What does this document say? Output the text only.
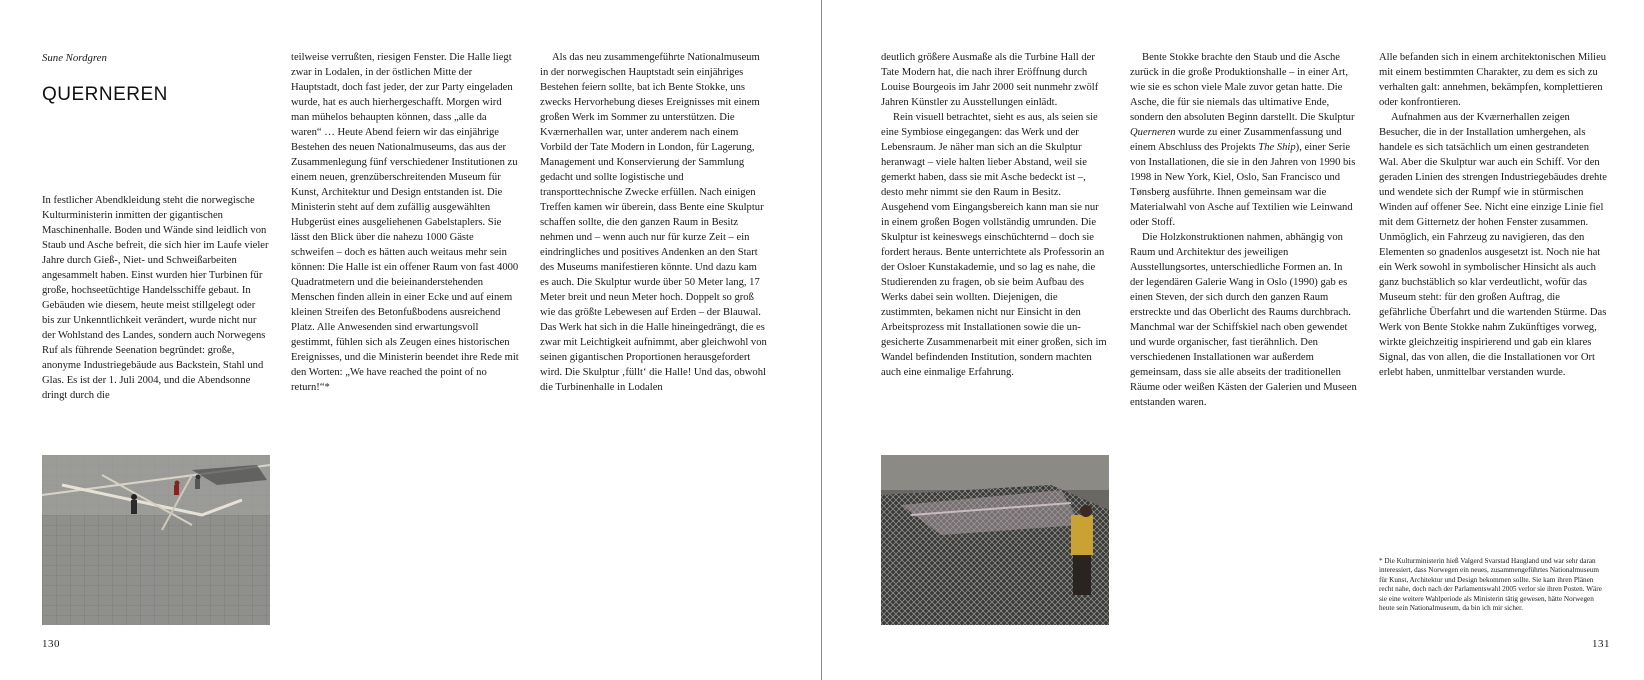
Sune Nordgren
QUERNEREN

In festlicher Abendkleidung steht die norwegische Kulturministerin inmitten der gigantischen Maschinenhalle. Boden und Wände sind leidlich von Staub und Asche befreit, die sich hier im Laufe vieler Jahre durch Gieß-, Niet- und Schweißarbeiten angesammelt haben. Einst wurden hier Turbinen für große, hochseetüchtige Handelsschiffe gebaut. In Gebäuden wie diesem, heute meist stillgelegt oder bis zur Unkenntlichkeit verändert, wurde nicht nur der Wohlstand des Landes, sondern auch Norwegens Ruf als führende Seenation begründet: große, anonyme Industriegebäude aus Backstein, Stahl und Glas. Es ist der 1. Juli 2004, und die Abendsonne dringt durch die

teilweise verrußten, riesigen Fenster. Die Halle liegt zwar in Lodalen, in der östlichen Mitte der Hauptstadt, doch fast jeder, der zur Party eingeladen wurde, hat es auch hierhergeschafft. Morgen wird man mühelos behaupten können, dass „alle da waren“ … Heute Abend feiern wir das einjährige Bestehen des neuen Nationalmuseums, das aus der Zusammenlegung fünf verschiedener Institutionen zu einem neuen, grenzüberschreitenden Museum für Kunst, Architektur und Design entstanden ist. Die Ministerin steht auf dem zufällig ausgewählten Hubgerüst eines ausgeliehenen Gabelstaplers. Sie lässt den Blick über die nahezu 1000 Gäste schweifen – doch es hätten auch weitaus mehr sein können: Die Halle ist ein offener Raum von fast 4000 Quadratmetern und die beieinanderstehenden Menschen finden allein in einer Ecke und auf einem kleinen Streifen des Betonfußbodens ausreichend Platz. Alle Anwesenden sind erwartungsvoll gestimmt, fühlen sich als Zeugen eines historischen Ereignisses, und die Ministerin beendet ihre Rede mit den Worten: „We have reached the point of no return!“*

Als das neu zusammengeführte Nationalmuseum in der norwegischen Hauptstadt sein einjähriges Bestehen feiern sollte, bat ich Bente Stokke, uns zwecks Hervorhebung dieses Ereignisses mit einem großen Werk im Sommer zu unterstützen. Die Kværnerhallen war, unter anderem nach einem Vorbild der Tate Modern in London, für Lagerung, Management und Konservierung der Sammlung gedacht und sollte logistische und transporttechnische Zwecke erfüllen. Nach einigen Treffen kamen wir überein, dass Bente eine Skulptur schaffen sollte, die den ganzen Raum in Besitz nehmen und – wenn auch nur für kurze Zeit – ein eindringliches und positives Andenken an den Start des Museums manifestieren könnte. Und dazu kam es auch. Die Skulptur wurde über 50 Meter lang, 17 Meter breit und neun Meter hoch. Doppelt so groß wie das größte Lebewesen auf Erden – der Blauwal. Das Werk hat sich in die Halle hineingedrängt, die es zwar mit Leichtigkeit aufnimmt, aber gleichwohl von seinen gigantischen Proportionen herausgefordert wird. Die Skulptur ‚füllt‘ die Halle! Und das, obwohl die Turbinenhalle in Lodalen

130

deutlich größere Ausmaße als die Turbine Hall der Tate Modern hat, die nach ihrer Eröffnung durch Louise Bourgeois im Jahr 2000 seit nunmehr zwölf Jahren Künstler zu Ausstellungen einlädt.

Rein visuell betrachtet, sieht es aus, als seien sie eine Symbiose eingegangen: das Werk und der Lebensraum. Je näher man sich an die Skulptur heranwagt – viele halten lieber Abstand, weil sie gemerkt haben, dass sie mit Asche bedeckt ist –, desto mehr nimmt sie den Raum in Besitz. Ausgehend vom Eingangsbereich kann man sie nur in einem großen Bogen vollständig umrunden. Die Skulptur ist keineswegs einschüchternd – doch sie fordert heraus. Bente unterrichtete als Professorin an der Osloer Kunstakademie, und so lag es nahe, die Studierenden zu fragen, ob sie beim Aufbau des Werks dabei sein wollten. Diejenigen, die zustimmten, bekamen nicht nur Einsicht in den Arbeitsprozess mit Installationen sowie die un-gesicherte Zusammenarbeit mit einer großen, sich im Wandel befindenden Institution, sondern machten auch eine einmalige Erfahrung.

Bente Stokke brachte den Staub und die Asche zurück in die große Produktionshalle – in einer Art, wie sie es schon viele Male zuvor getan hatte. Die Asche, die für sie niemals das ultimative Ende, sondern den absoluten Beginn darstellt. Die Skulptur Querneren wurde zu einer Zusammenfassung und einem Abschluss des Projekts The Ship), einer Serie von Installationen, die sie in den Jahren von 1990 bis 1998 in New York, Kiel, Oslo, San Francisco und Tønsberg ausführte. Ihnen gemeinsam war die Materialwahl von Asche auf Textilien wie Leinwand oder Stoff.

Die Holzkonstruktionen nahmen, abhängig von Raum und Architektur des jeweiligen Ausstellungsortes, unterschiedliche Formen an. In der legendären Galerie Wang in Oslo (1990) gab es einen Steven, der sich durch den ganzen Raum erstreckte und das Oberlicht des Raums durchbrach. Manchmal war der Schiffskiel nach oben gewendet und wurde organischer, fast tierähnlich. Den verschiedenen Installationen war außerdem gemeinsam, dass sie alle abseits der traditionellen Räume oder weißen Kästen der Galerien und Museen entstanden waren.

Alle befanden sich in einem architektonischen Milieu mit einem bestimmten Charakter, zu dem es sich zu verhalten galt: annehmen, bekämpfen, komplettieren oder konfrontieren.

Aufnahmen aus der Kværnerhallen zeigen Besucher, die in der Installation umhergehen, als handele es sich tatsächlich um einen gestrandeten Wal. Aber die Skulptur war auch ein Schiff. Vor den geraden Linien des strengen Industriegebäudes drehte und wendete sich der Rumpf wie in stürmischen Winden auf offener See. Nicht eine einzige Linie fiel mit dem Gitternetz der hohen Fenster zusammen. Unmöglich, ein Fahrzeug zu navigieren, das den Elementen so gnadenlos ausgesetzt ist. Noch nie hat ein Werk sowohl in symbolischer Hinsicht als auch ganz buchstäblich so klar verdeutlicht, wofür das Museum steht: für den großen Auftrag, die gefährliche Überfahrt und die wartenden Stürme. Das Werk von Bente Stokke nahm Zukünftiges vorweg, wirkte gleichzeitig inspirierend und gab ein klares Signal, das von allen, die die Installationen vor Ort erlebt haben, unmittelbar verstanden wurde.

* Die Kulturministerin hieß Valgerd Svarstad Haugland und war sehr daran interessiert, dass Norwegen ein neues, zusammengeführtes Nationalmuseum für Kunst, Architektur und Design bekommen sollte. Sie kam ihren Plänen recht nahe, doch nach der Parlamentswahl 2005 verlor sie ihren Posten. Wäre sie eine weitere Wahlperiode als Ministerin tätig gewesen, hätte Norwegen heute sein Nationalmuseum, da bin ich mir sicher.
131
